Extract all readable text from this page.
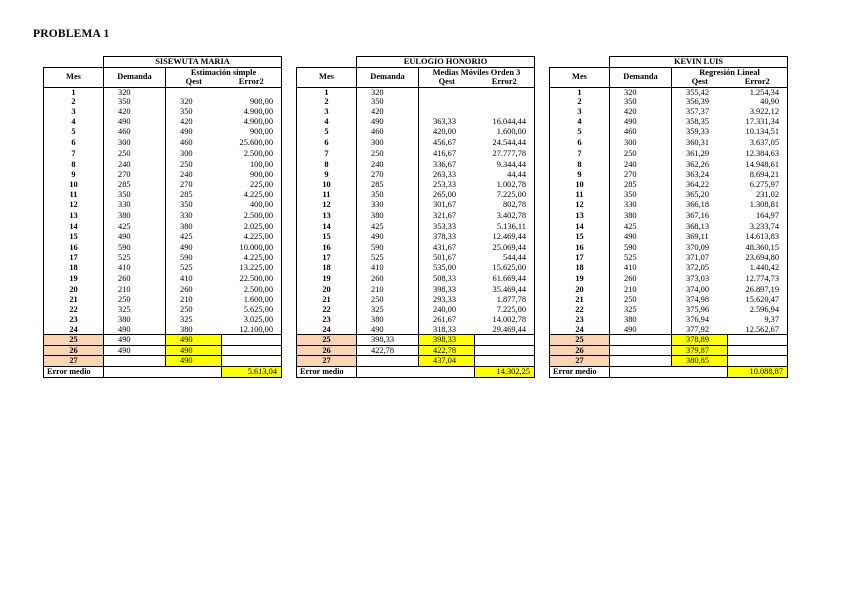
PROBLEMA 1
	SISEWUTA MARIA		
Mes	Demanda	Estimación simple	
		Qest	Error2
1	320		
2	350	320	900,00
3	420	350	4.900,00
4	490	420	4.900,00
5	460	490	900,00
6	300	460	25.600,00
7	250	300	2.500,00
8	240	250	100,00
9	270	240	900,00
10	285	270	225,00
11	350	285	4.225,00
12	330	350	400,00
13	380	330	2.500,00
14	425	380	2.025,00
15	490	425	4.225,00
16	590	490	10.000,00
17	525	590	4.225,00
18	410	525	13.225,00
19	260	410	22.500,00
20	210	260	2.500,00
21	250	210	1.600,00
22	325	250	5.625,00
23	380	325	3.025,00
24	490	380	12.100,00
25	490	490	
26	490	490	
27		490	
Error medio			5.613,04
	EULOGIO HONORIO		
Mes	Demanda	Medias Móviles Orden 3	
		Qest	Error2
1	320		
2	350		
3	420		
4	490	363,33	16.044,44
5	460	420,00	1.600,00
6	300	456,67	24.544,44
7	250	416,67	27.777,78
8	240	336,67	9.344,44
9	270	263,33	44,44
10	285	253,33	1.002,78
11	350	265,00	7.225,00
12	330	301,67	802,78
13	380	321,67	3.402,78
14	425	353,33	5.136,11
15	490	378,33	12.469,44
16	590	431,67	25.069,44
17	525	501,67	544,44
18	410	535,00	15.625,00
19	260	508,33	61.669,44
20	210	398,33	35.469,44
21	250	293,33	1.877,78
22	325	240,00	7.225,00
23	380	261,67	14.002,78
24	490	318,33	29.469,44
25	398,33	398,33	
26	422,78	422,78	
27		437,04	
Error medio			14.302,25
	KEVIN LUIS		
Mes	Demanda	Regresión Lineal	
		Qest	Error2
1	320	355,42	1.254,34
2	350	356,39	40,90
3	420	357,37	3.922,12
4	490	358,35	17.331,34
5	460	359,33	10.134,51
6	300	360,31	3.637,05
7	250	361,29	12.384,63
8	240	362,26	14.948,61
9	270	363,24	8.694,21
10	285	364,22	6.275,97
11	350	365,20	231,02
12	330	366,18	1.308,81
13	380	367,16	164,97
14	425	368,13	3.233,74
15	490	369,11	14.613,83
16	590	370,09	48.360,15
17	525	371,07	23.694,80
18	410	372,05	1.440,42
19	260	373,03	12.774,73
20	210	374,00	26.897,19
21	250	374,98	15.620,47
22	325	375,96	2.596,94
23	380	376,94	9,37
24	490	377,92	12.562,67
25		378,89	
26		379,87	
27		380,85	
Error medio			10.088,87
